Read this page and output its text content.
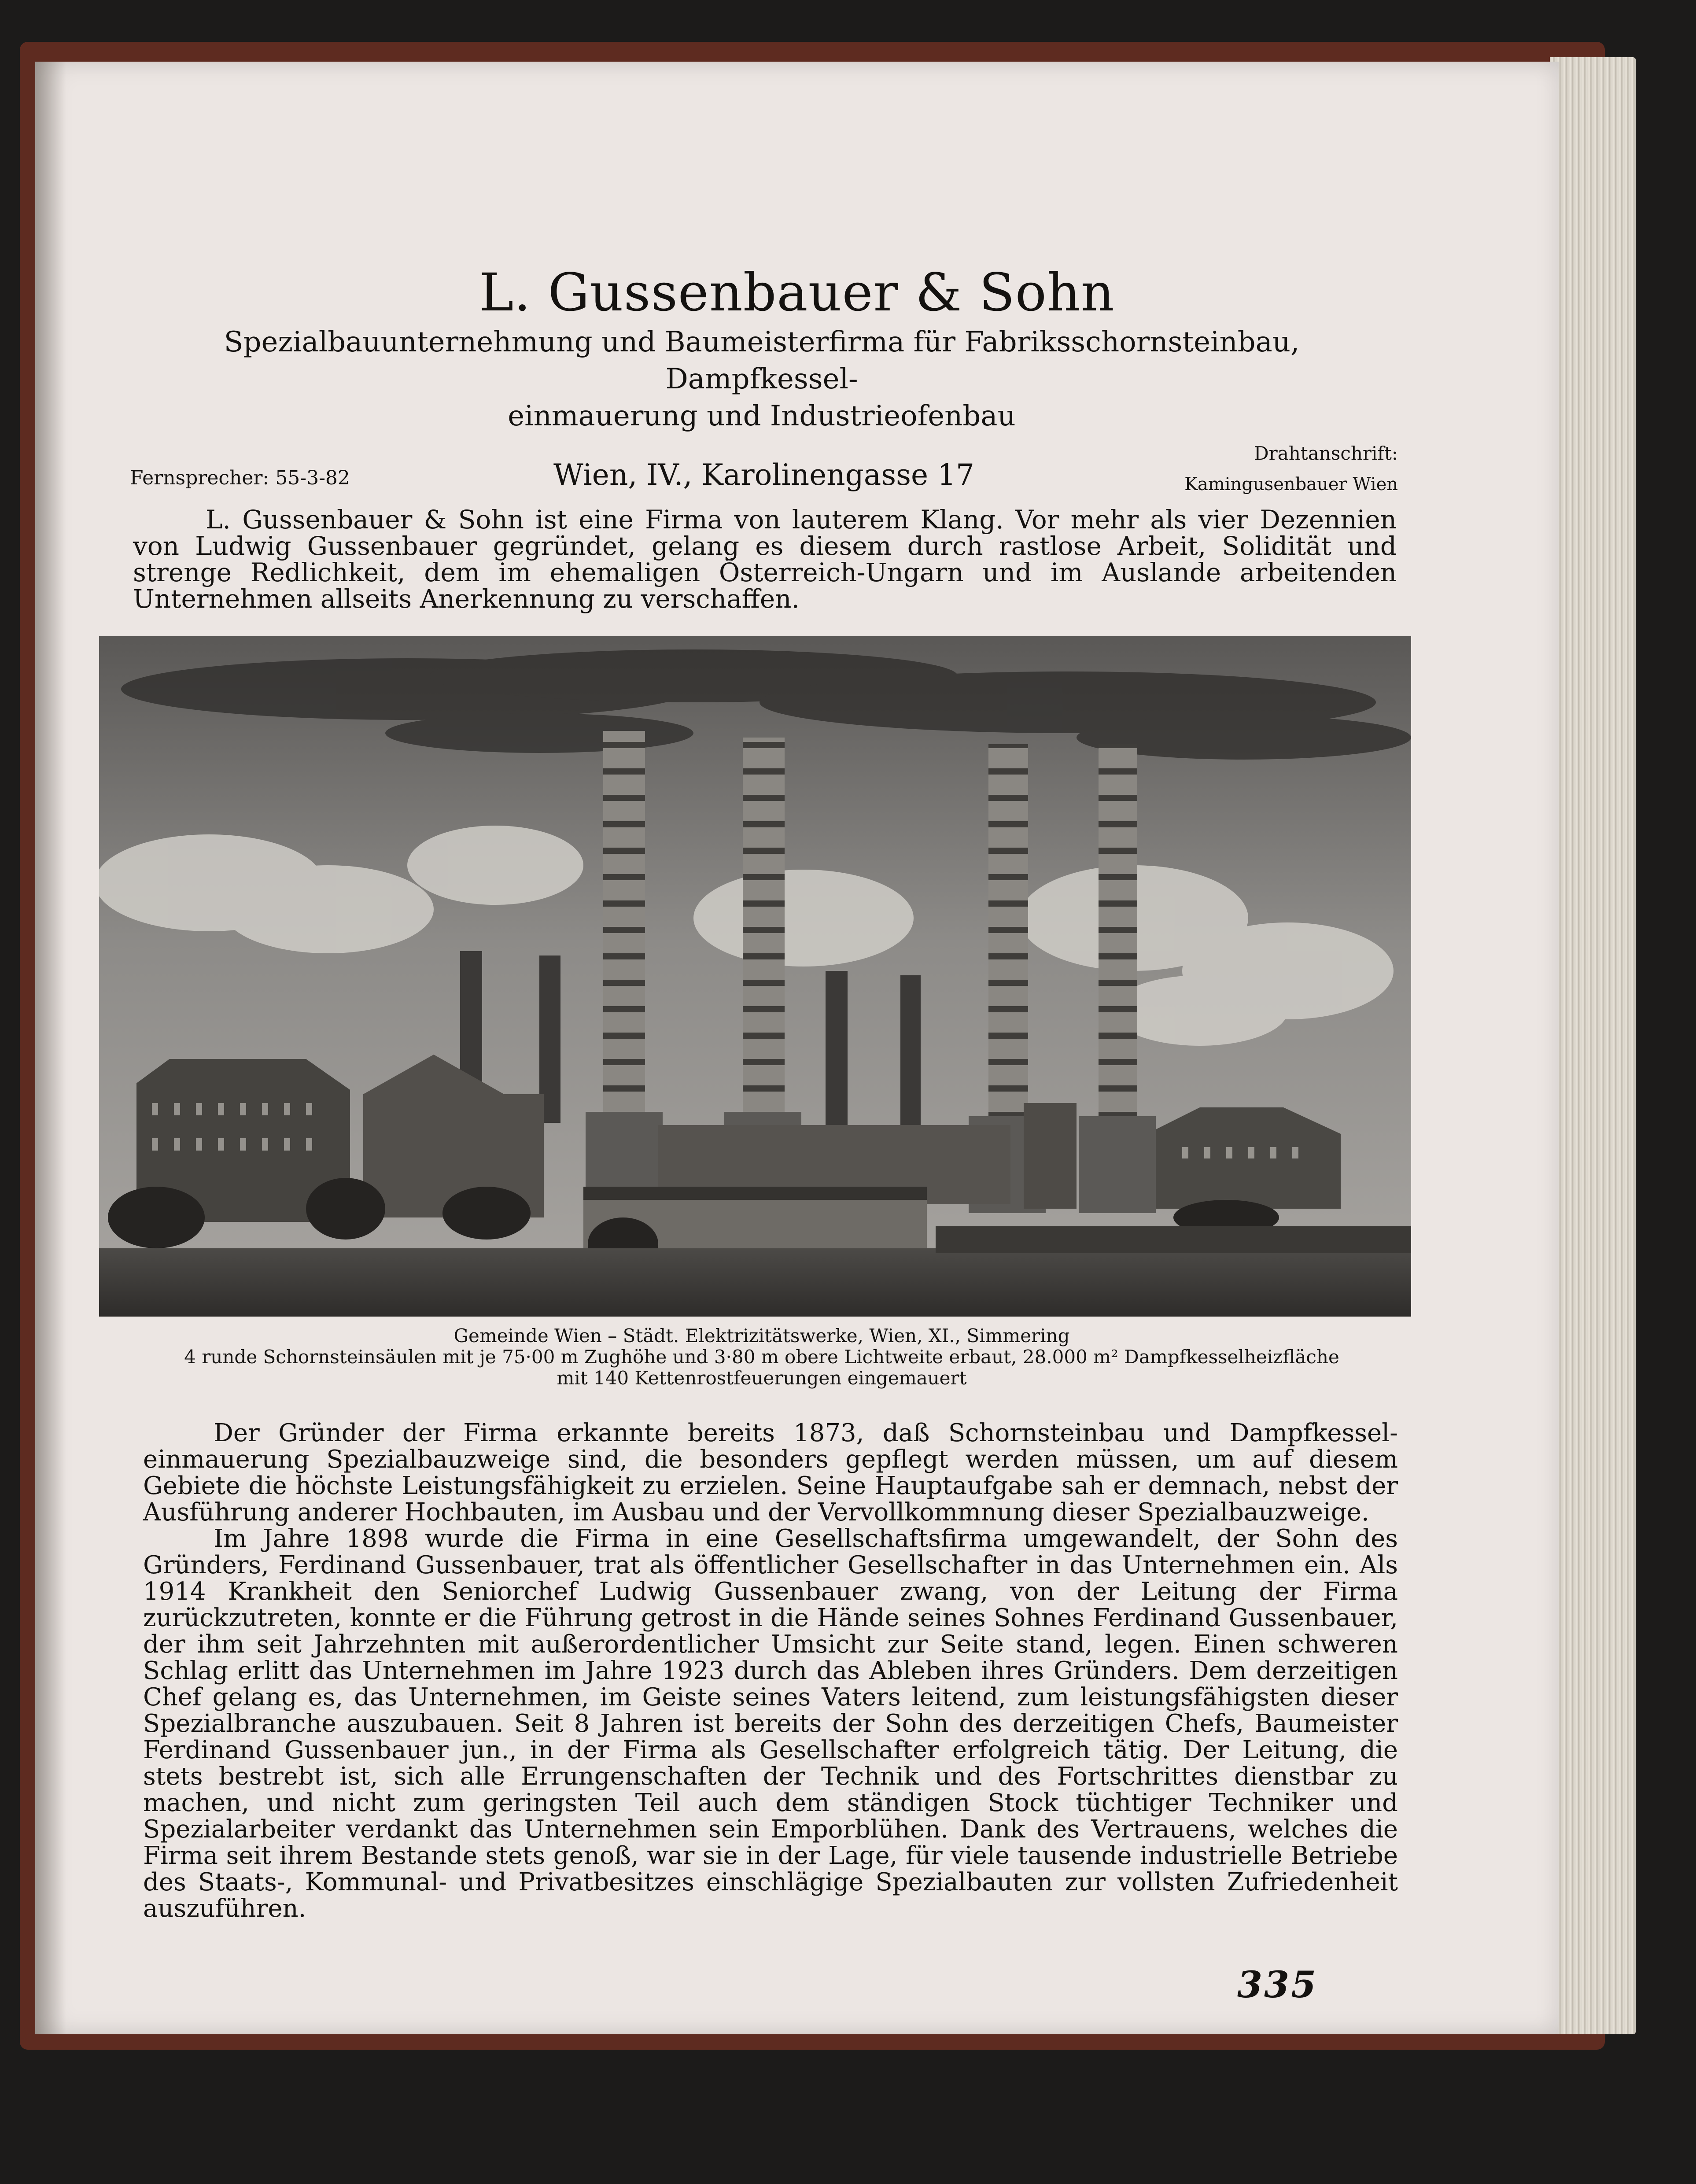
L. Gussenbauer & Sohn
Spezialbauunternehmung und Baumeisterfirma für Fabriksschornsteinbau, Dampfkessel-
einmauerung und Industrieofenbau
Fernsprecher: 55-3-82	Wien, IV., Karolinengasse 17
Drahtanschrift:
Kamingusenbauer Wien

L. Gussenbauer & Sohn ist eine Firma von lauterem Klang. Vor mehr als vier Dezennien von Ludwig Gussenbauer gegründet, gelang es diesem durch rastlose Arbeit, Solidität und strenge Redlichkeit, dem im ehemaligen Österreich-Ungarn und im Auslande arbeitenden Unternehmen allseits Anerkennung zu verschaffen.

Gemeinde Wien – Städt. Elektrizitätswerke, Wien, XI., Simmering
4 runde Schornsteinsäulen mit je 75·00 m Zughöhe und 3·80 m obere Lichtweite erbaut, 28.000 m² Dampfkesselheizfläche
mit 140 Kettenrostfeuerungen eingemauert

Der Gründer der Firma erkannte bereits 1873, daß Schornsteinbau und Dampfkessel-einmauerung Spezialbauzweige sind, die besonders gepflegt werden müssen, um auf diesem Gebiete die höchste Leistungsfähigkeit zu erzielen. Seine Hauptaufgabe sah er demnach, nebst der Ausführung anderer Hochbauten, im Ausbau und der Vervollkommnung dieser Spezialbauzweige.

Im Jahre 1898 wurde die Firma in eine Gesellschaftsfirma umgewandelt, der Sohn des Gründers, Ferdinand Gussenbauer, trat als öffentlicher Gesellschafter in das Unternehmen ein. Als 1914 Krankheit den Seniorchef Ludwig Gussenbauer zwang, von der Leitung der Firma zurückzutreten, konnte er die Führung getrost in die Hände seines Sohnes Ferdinand Gussenbauer, der ihm seit Jahrzehnten mit außerordentlicher Umsicht zur Seite stand, legen. Einen schweren Schlag erlitt das Unternehmen im Jahre 1923 durch das Ableben ihres Gründers. Dem derzeitigen Chef gelang es, das Unternehmen, im Geiste seines Vaters leitend, zum leistungsfähigsten dieser Spezialbranche auszubauen. Seit 8 Jahren ist bereits der Sohn des derzeitigen Chefs, Baumeister Ferdinand Gussenbauer jun., in der Firma als Gesellschafter erfolgreich tätig. Der Leitung, die stets bestrebt ist, sich alle Errungenschaften der Technik und des Fortschrittes dienstbar zu machen, und nicht zum geringsten Teil auch dem ständigen Stock tüchtiger Techniker und Spezialarbeiter verdankt das Unternehmen sein Emporblühen. Dank des Vertrauens, welches die Firma seit ihrem Bestande stets genoß, war sie in der Lage, für viele tausende industrielle Betriebe des Staats-, Kommunal- und Privatbesitzes einschlägige Spezialbauten zur vollsten Zufriedenheit auszuführen.

335
